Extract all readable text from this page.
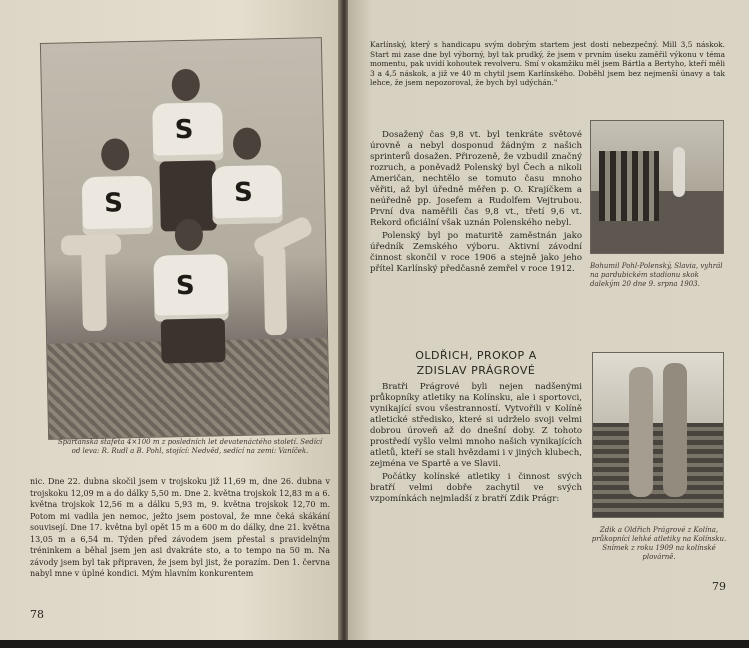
S
S	S
S
Sparťanská štafeta 4×100 m z posledních let devatenáctého století. Sedící od leva: R. Rudl a B. Pohl, stojící: Nedvěd, sedící na zemi: Vaníček.
nic. Dne 22. dubna skočil jsem v trojskoku již 11,69 m, dne 26. dubna v trojskoku 12,09 m a do dálky 5,50 m. Dne 2. května trojskok 12,83 m a 6. května trojskok 12,56 m a dálku 5,93 m, 9. května trojskok 12,70 m. Potom mi vadila jen nemoc, ježto jsem postoval, že mne čeká skákání souvisejí. Dne 17. května byl opět 15 m a 600 m do dálky, dne 21. května 13,05 m a 6,54 m. Týden před závodem jsem přestal s pravidelným tréninkem a běhal jsem jen asi dvakráte sto, a to tempo na 50 m. Na závody jsem byl tak připraven, že jsem byl jist, že porazím. Den 1. června nabyl mne v úplné kondici. Mým hlavním konkurentem
78
Karlínský, který s handicapu svým dobrým startem jest dosti nebezpečný. Mill 3,5 náskok. Start mi zase dne byl výborný, byl tak prudký, že jsem v prvním úseku zaměřil výkonu v téma momentu, pak uvidí kohoutek revolveru. Smí v okamžiku měl jsem Bártla a Bertyho, kteří měli 3 a 4,5 náskok, a již ve 40 m chytil jsem Karlínského. Doběhl jsem bez nejmenší únavy a tak lehce, že jsem nepozoroval, že bych byl udýchán."

Dosažený čas 9,8 vt. byl tenkráte světové úrovně a nebyl dosponud žádným z našich sprinterů dosažen. Přirozeně, že vzbudil značný rozruch, a poněvadž Polenský byl Čech a nikoli Američan, nechtělo se tomuto času mnoho věřiti, až byl úředně měřen p. O. Krajíčkem a neúředně pp. Josefem a Rudolfem Vejtrubou. První dva naměřili čas 9,8 vt., třetí 9,6 vt. Rekord oficiální však uznán Polenského nebyl.

Polenský byl po maturitě zaměstnán jako úředník Zemského výboru. Aktivní závodní činnost skončil v roce 1906 a stejně jako jeho přítel Karlínský předčasně zemřel v roce 1912.

OLDŘICH, PROKOP A
ZDISLAV PRÁGROVÉ

Bratři Prágrové byli nejen nadšenými průkopníky atletiky na Kolínsku, ale i sportovci, vynikající svou všestranností. Vytvořili v Kolíně atletické středisko, které si udrželo svoji velmi dobrou úroveň až do dnešní doby. Z tohoto prostředí vyšlo velmi mnoho našich vynikajících atletů, kteří se stali hvězdami i v jiných klubech, zejména ve Spartě a ve Slavii.

Počátky kolínské atletiky i činnost svých bratří velmi dobře zachytil ve svých vzpomínkách nejmladší z bratří Zdik Prágr:

Bohumil Pohl-Polenský, Slavia, vyhrál na pardubickém stadionu skok dalekým 20 dne 9. srpna 1903.
Zdik a Oldřich Prágrové z Kolína, průkopníci lehké atletiky na Kolínsku. Snímek z roku 1909 na kolínské plovárně.
79
